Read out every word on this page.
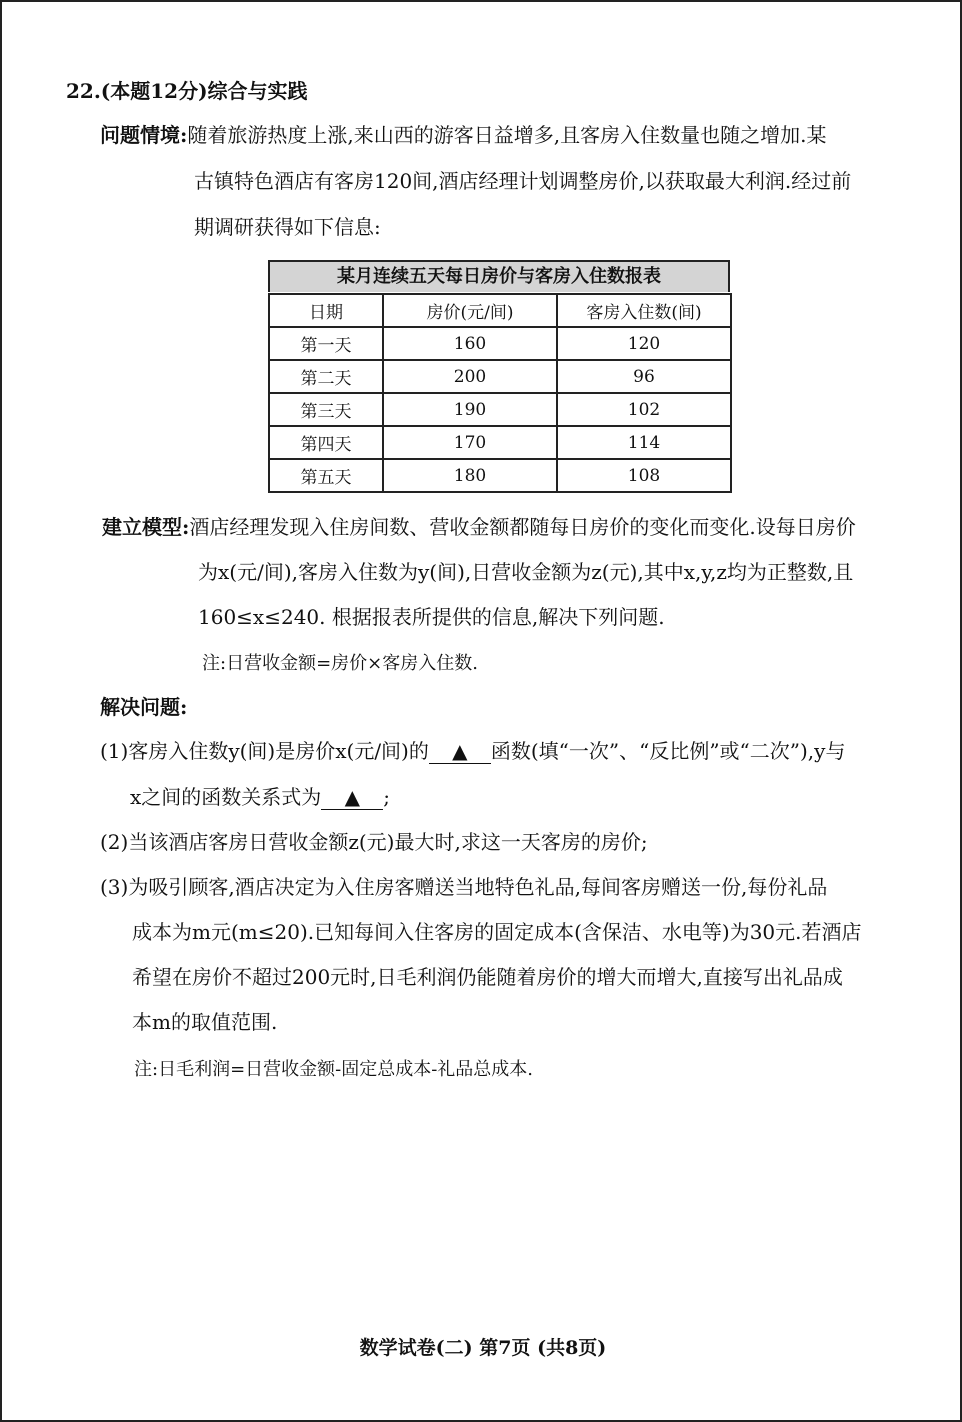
22.(本题12分)综合与实践
问题情境:随着旅游热度上涨,来山西的游客日益增多,且客房入住数量也随之增加.某
古镇特色酒店有客房120间,酒店经理计划调整房价,以获取最大利润.经过前
期调研获得如下信息:
某月连续五天每日房价与客房入住数报表
日期	房价(元/间)	客房入住数(间)
第一天	160	120
第二天	200	96
第三天	190	102
第四天	170	114
第五天	180	108
建立模型:酒店经理发现入住房间数、营收金额都随每日房价的变化而变化.设每日房价
为x(元/间),客房入住数为y(间),日营收金额为z(元),其中x,y,z均为正整数,且
160≤x≤240. 根据报表所提供的信息,解决下列问题.
注:日营收金额=房价×客房入住数.
解决问题:
(1)客房入住数y(间)是房价x(元/间)的 ▲ 函数(填“一次”、“反比例”或“二次”),y与
x之间的函数关系式为 ▲ ;
(2)当该酒店客房日营收金额z(元)最大时,求这一天客房的房价;
(3)为吸引顾客,酒店决定为入住房客赠送当地特色礼品,每间客房赠送一份,每份礼品
成本为m元(m≤20).已知每间入住客房的固定成本(含保洁、水电等)为30元.若酒店
希望在房价不超过200元时,日毛利润仍能随着房价的增大而增大,直接写出礼品成
本m的取值范围.
注:日毛利润=日营收金额-固定总成本-礼品总成本.
数学试卷(二) 第7页 (共8页)
